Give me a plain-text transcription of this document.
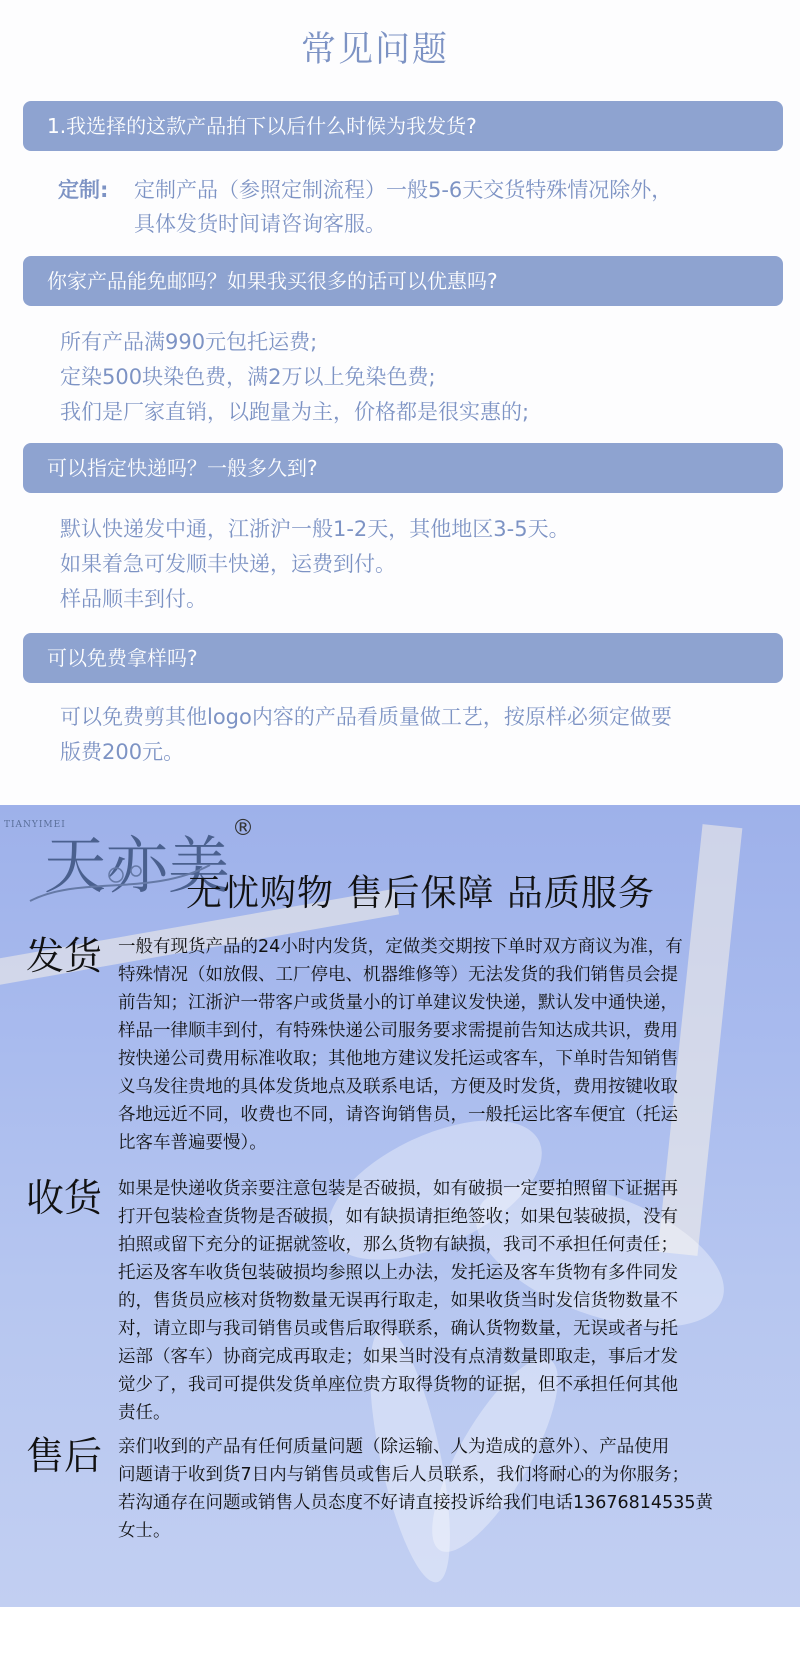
常见问题
1.我选择的这款产品拍下以后什么时候为我发货?
定制: 定制产品（参照定制流程）一般5-6天交货特殊情况除外，
具体发货时间请咨询客服。
你家产品能免邮吗？如果我买很多的话可以优惠吗?
所有产品满990元包托运费;
定染500块染色费，满2万以上免染色费;
我们是厂家直销，以跑量为主，价格都是很实惠的;
可以指定快递吗？一般多久到?
默认快递发中通，江浙沪一般1-2天，其他地区3-5天。
如果着急可发顺丰快递，运费到付。
样品顺丰到付。
可以免费拿样吗?
可以免费剪其他logo内容的产品看质量做工艺，按原样必须定做要
版费200元。
TIANYIMEI
天亦美
®
无忧购物 售后保障 品质服务
发货 一般有现货产品的24小时内发货，定做类交期按下单时双方商议为准，有
特殊情况（如放假、工厂停电、机器维修等）无法发货的我们销售员会提
前告知；江浙沪一带客户或货量小的订单建议发快递，默认发中通快递，
样品一律顺丰到付，有特殊快递公司服务要求需提前告知达成共识，费用
按快递公司费用标准收取；其他地方建议发托运或客车，下单时告知销售
义乌发往贵地的具体发货地点及联系电话，方便及时发货，费用按键收取
各地远近不同，收费也不同，请咨询销售员，一般托运比客车便宜（托运
比客车普遍要慢）。
收货 如果是快递收货亲要注意包装是否破损，如有破损一定要拍照留下证据再
打开包装检查货物是否破损，如有缺损请拒绝签收；如果包装破损，没有
拍照或留下充分的证据就签收，那么货物有缺损，我司不承担任何责任；
托运及客车收货包装破损均参照以上办法，发托运及客车货物有多件同发
的，售货员应核对货物数量无误再行取走，如果收货当时发信货物数量不
对，请立即与我司销售员或售后取得联系，确认货物数量，无误或者与托
运部（客车）协商完成再取走；如果当时没有点清数量即取走，事后才发
觉少了，我司可提供发货单座位贵方取得货物的证据，但不承担任何其他
责任。
售后 亲们收到的产品有任何质量问题（除运输、人为造成的意外）、产品使用
问题请于收到货7日内与销售员或售后人员联系，我们将耐心的为你服务；
若沟通存在问题或销售人员态度不好请直接投诉给我们电话13676814535黄
女士。
